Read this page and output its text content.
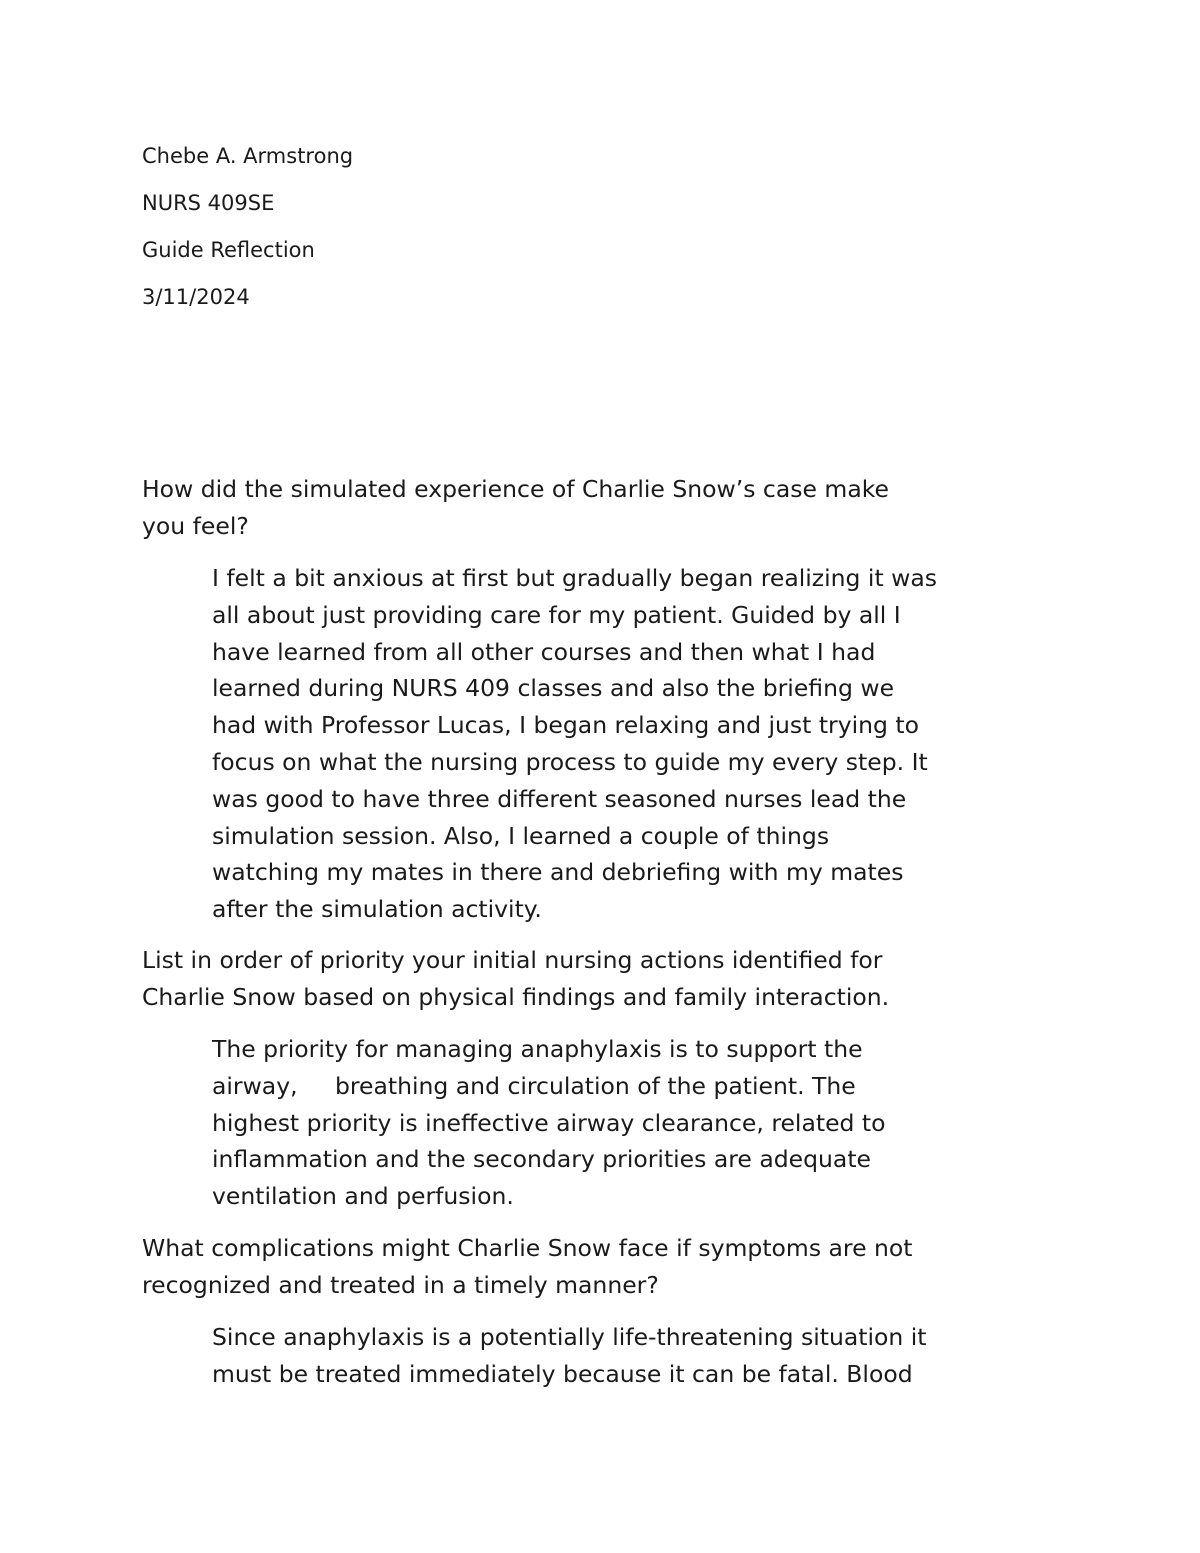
Chebe A. Armstrong
NURS 409SE
Guide Reflection
3/11/2024
How did the simulated experience of Charlie Snow’s case make
you feel?
I felt a bit anxious at first but gradually began realizing it was
all about just providing care for my patient. Guided by all I
have learned from all other courses and then what I had
learned during NURS 409 classes and also the briefing we
had with Professor Lucas, I began relaxing and just trying to
focus on what the nursing process to guide my every step. It
was good to have three different seasoned nurses lead the
simulation session. Also, I learned a couple of things
watching my mates in there and debriefing with my mates
after the simulation activity.
List in order of priority your initial nursing actions identified for
Charlie Snow based on physical findings and family interaction.
The priority for managing anaphylaxis is to support the
airway,     breathing and circulation of the patient. The
highest priority is ineffective airway clearance, related to
inflammation and the secondary priorities are adequate
ventilation and perfusion.
What complications might Charlie Snow face if symptoms are not
recognized and treated in a timely manner?
Since anaphylaxis is a potentially life-threatening situation it
must be treated immediately because it can be fatal. Blood
